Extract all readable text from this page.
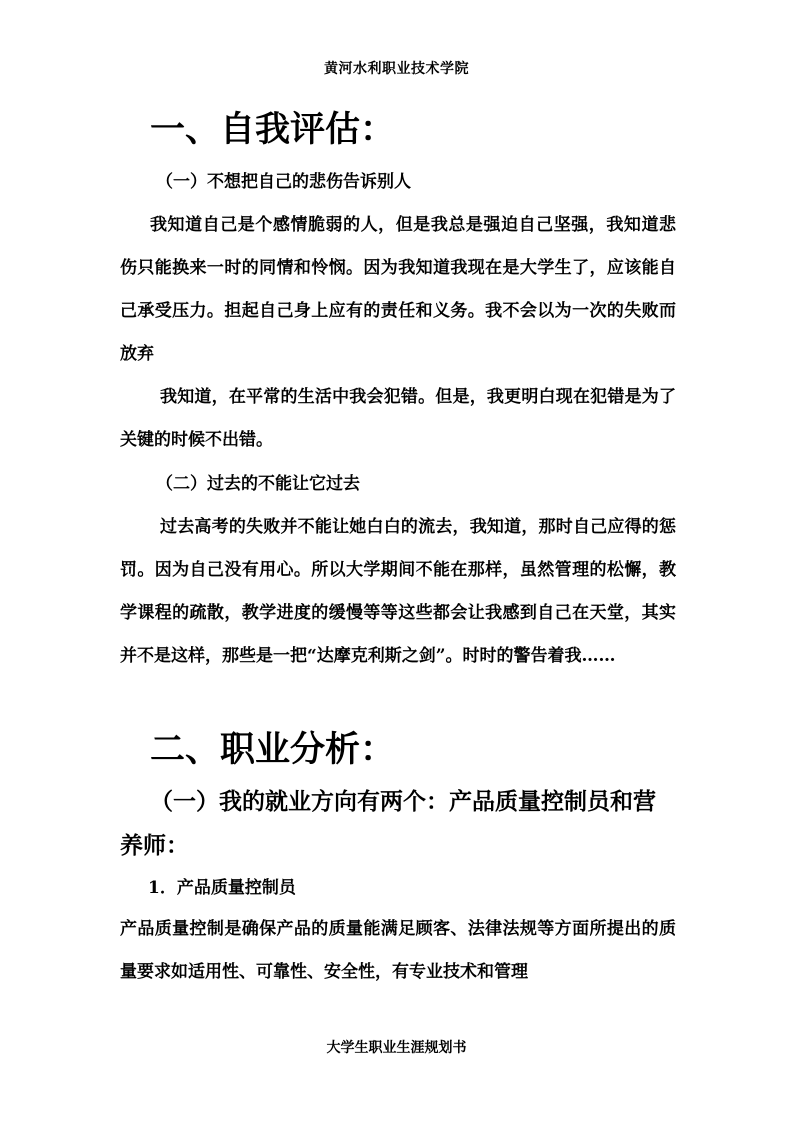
黄河水利职业技术学院
一、自我评估：
（一）不想把自己的悲伤告诉别人

我知道自己是个感情脆弱的人，但是我总是强迫自己坚强，我知道悲伤只能换来一时的同情和怜悯。因为我知道我现在是大学生了，应该能自己承受压力。担起自己身上应有的责任和义务。我不会以为一次的失败而放弃

我知道，在平常的生活中我会犯错。但是，我更明白现在犯错是为了关键的时候不出错。

（二）过去的不能让它过去

过去高考的失败并不能让她白白的流去，我知道，那时自己应得的惩罚。因为自己没有用心。所以大学期间不能在那样，虽然管理的松懈，教学课程的疏散，教学进度的缓慢等等这些都会让我感到自己在天堂，其实并不是这样，那些是一把“达摩克利斯之剑”。时时的警告着我……

二、职业分析：

（一）我的就业方向有两个：产品质量控制员和营养师：

1．产品质量控制员

产品质量控制是确保产品的质量能满足顾客、法律法规等方面所提出的质量要求如适用性、可靠性、安全性，有专业技术和管理

大学生职业生涯规划书
